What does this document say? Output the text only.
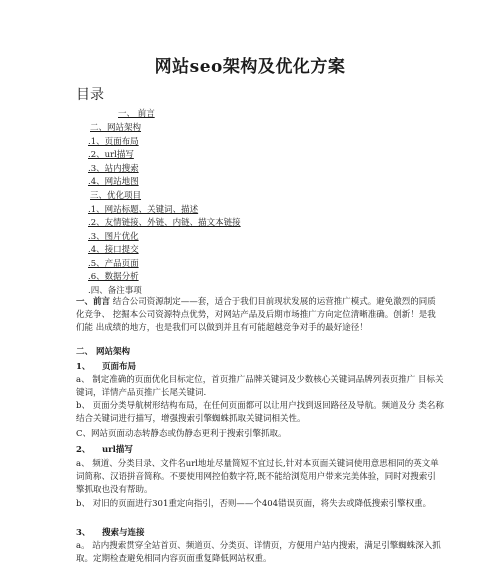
网站seo架构及优化方案
目录
一、 前言
二、网站架构
.1、页面布局
.2、url描写
.3、站内搜索
.4、网站地图
三、优化项目
.1、网站标题、关键词、描述
.2、友情链接、外链、内链、描文本链接
.3、图片优化
.4、接口提交
.5、产品页面
.6、数据分析
.四、备注事项
一、前言 结合公司资源制定——套，适合于我们目前现状发展的运营推广模式。避免激烈的同质化竞争、 挖掘本公司资源特点优势，对网站产品及后期市场推广方向定位清晰准确。创新！是我们能 出成绩的地方，也是我们可以做到并且有可能超越竞争对手的最好途径！
二、 网站架构
1、 页面布局
a、 制定准确的页面优化目标定位，首页推广品牌关键词及少数核心关键词品牌列表页推广 目标关键词，详情产品页推广长尾关键词.
b、 页面分类导航树形结构布局，在任何页面都可以让用户找到返回路径及导航。频道及分 类名称结合关键词进行描写，增强搜索引擎蜘蛛抓取关键词相关性。
C、网站页面动态转静态或伪静态更利于搜索引擎抓取。
2、 url描写
a、 频道、分类目录、文件名url地址尽量简短不宜过长,针对本页面关键词使用意思相同的英文单词简称、汉语拼音简称。不要使用网控伯数字符,既不能给浏览用户带来完美体验，同时对搜索引擎抓取也没有帮助。
b、 对旧的页面进行301重定向指引，否则——个404错误页面，将失去或降低搜索引擎权重。
3、 搜索与连接
a。 站内搜索贯穿全站首页、频道页、分类页、详情页，方便用户站内搜索，满足引擎蜘蛛深入抓取。定期检查避免相同内容页面重复降低网站权重。
